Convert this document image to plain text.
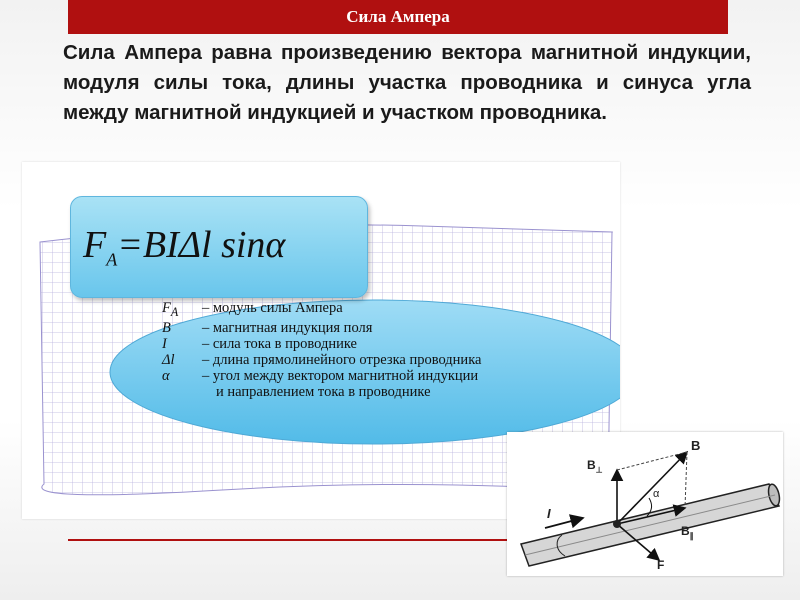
Сила Ампера
Сила Ампера равна произведению вектора магнитной индукции, модуля силы тока, длины участка проводника и синуса угла между магнитной индукцией и участком проводника.
$F_A=BI\Delta l$ sinα
$F_A$	– модуль силы Ампера
B	– магнитная индукция поля
I	– сила тока в проводнике
Δl	– длина прямолинейного отрезка проводника
α	– угол между вектором магнитной индукции
и направлением тока в проводнике
B
$B_\perp$
$B_\parallel$
F
I
α
